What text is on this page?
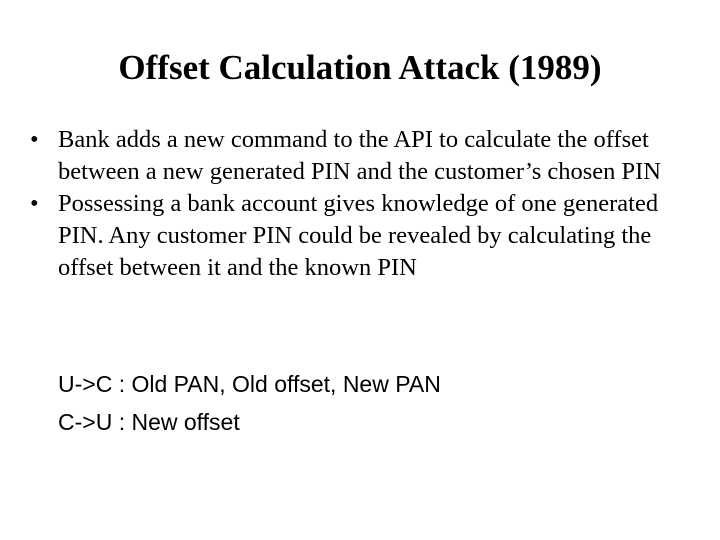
Offset Calculation Attack (1989)
• Bank adds a new command to the API to calculate the offset between a new generated PIN and the customer’s chosen PIN
• Possessing a bank account gives knowledge of one generated PIN. Any customer PIN could be revealed by calculating the offset between it and the known PIN
U->C : Old PAN, Old offset, New PAN
C->U : New offset
